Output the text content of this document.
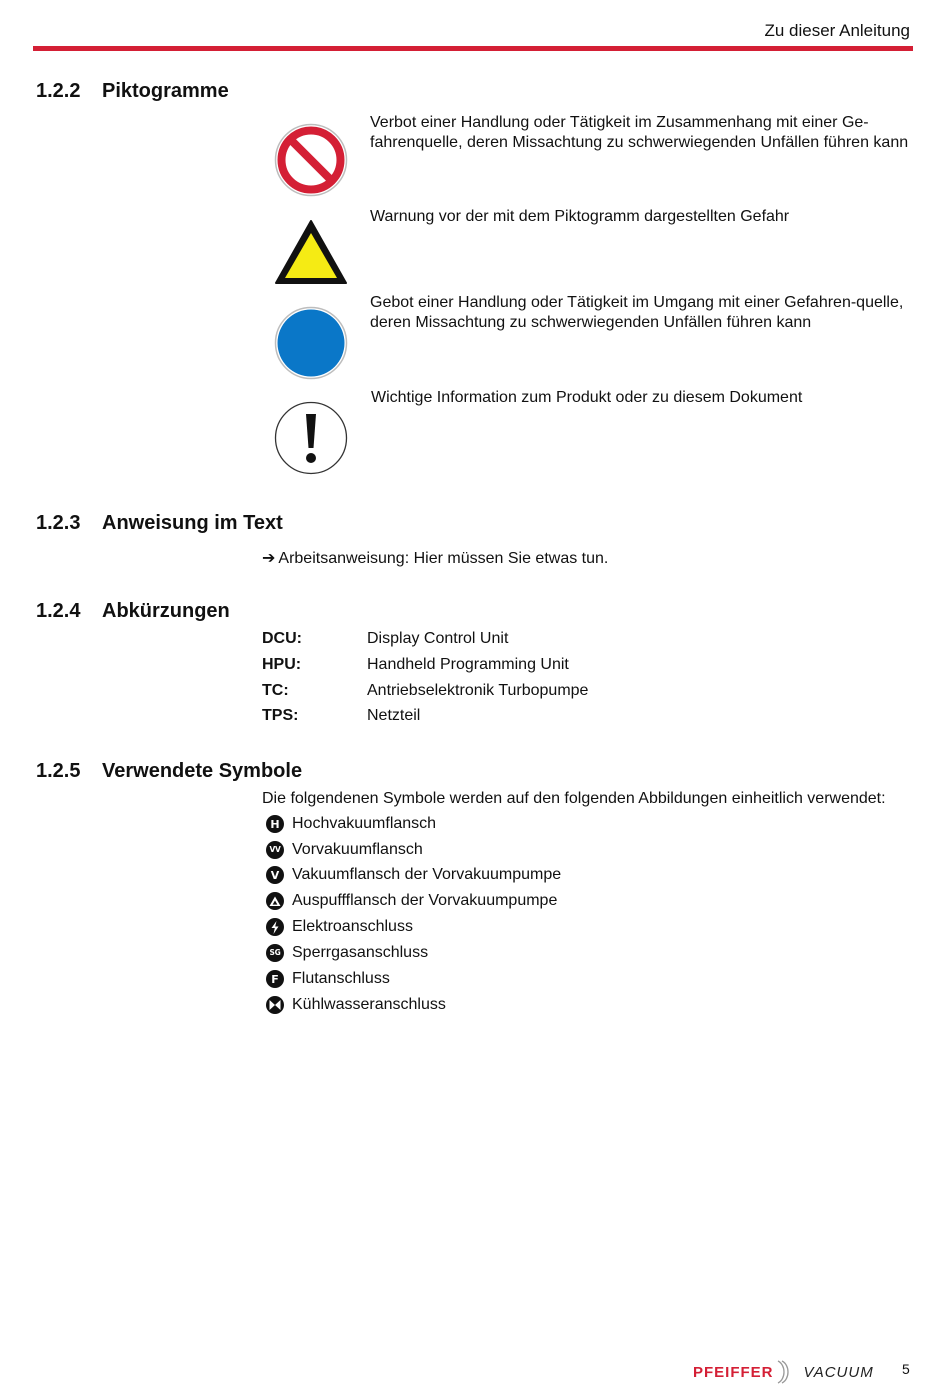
Zu dieser Anleitung
1.2.2 Piktogramme
Verbot einer Handlung oder Tätigkeit im Zusammenhang mit einer Ge-fahrenquelle, deren Missachtung zu schwerwiegenden Unfällen führen kann
Warnung vor der mit dem Piktogramm dargestellten Gefahr
Gebot einer Handlung oder Tätigkeit im Umgang mit einer Gefahren-quelle, deren Missachtung zu schwerwiegenden Unfällen führen kann
Wichtige Information zum Produkt oder zu diesem Dokument
1.2.3 Anweisung im Text
➔ Arbeitsanweisung: Hier müssen Sie etwas tun.
1.2.4 Abkürzungen
DCU:	Display Control Unit
HPU:	Handheld Programming Unit
TC:	Antriebselektronik Turbopumpe
TPS:	Netzteil
1.2.5 Verwendete Symbole
Die folgendenen Symbole werden auf den folgenden Abbildungen einheitlich verwendet:
H Hochvakuumflansch
VV Vorvakuumflansch
V Vakuumflansch der Vorvakuumpumpe
Auspuffflansch der Vorvakuumpumpe
Elektroanschluss
SG Sperrgasanschluss
F Flutanschluss
Kühlwasseranschluss
PFEIFFER VACUUM 5
